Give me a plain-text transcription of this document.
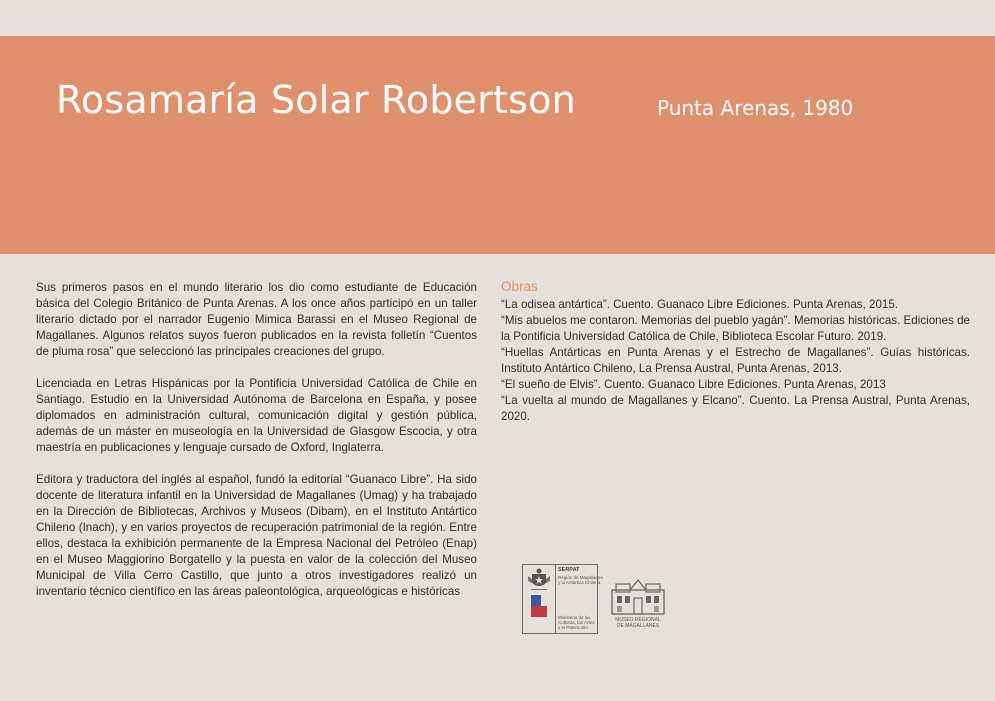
Rosamaría Solar Robertson	Punta Arenas, 1980

Sus primeros pasos en el mundo literario los dio como estudiante de Educación básica del Colegio Británico de Punta Arenas. A los once años participó en un taller literario dictado por el narrador Eugenio Mimica Barassi en el Museo Regional de Magallanes. Algunos relatos suyos fueron publicados en la revista folletín “Cuentos de pluma rosa” que seleccionó las principales creaciones del grupo.

Licenciada en Letras Hispánicas por la Pontificia Universidad Católica de Chile en Santiago. Estudio en la Universidad Autónoma de Barcelona en España, y posee diplomados en administración cultural, comunicación digital y gestión pública, además de un máster en museología en la Universidad de Glasgow Escocia, y otra maestría en publicaciones y lenguaje cursado de Oxford, Inglaterra.

Editora y traductora del inglés al español, fundó la editorial “Guanaco Libre”. Ha sido docente de literatura infantil en la Universidad de Magallanes (Umag) y ha trabajado en la Dirección de Bibliotecas, Archivos y Museos (Dibam), en el Instituto Antártico Chileno (Inach), y en varios proyectos de recuperación patrimonial de la región. Entre ellos, destaca la exhibición permanente de la Empresa Nacional del Petróleo (Enap) en el Museo Maggiorino Borgatello y la puesta en valor de la colección del Museo Municipal de Villa Cerro Castillo, que junto a otros investigadores realizó un inventario técnico científico en las áreas paleontológica, arqueológicas e históricas

Obras

“La odisea antártica”. Cuento. Guanaco Libre Ediciones. Punta Arenas, 2015.

“Mis abuelos me contaron. Memorias del pueblo yagán”. Memorias históricas. Ediciones de la Pontificia Universidad Católica de Chile, Biblioteca Escolar Futuro. 2019.

“Huellas Antárticas en Punta Arenas y el Estrecho de Magallanes”. Guías históricas. Instituto Antártico Chileno, La Prensa Austral, Punta Arenas, 2013.

“El sueño de Elvis”. Cuento. Guanaco Libre Ediciones. Punta Arenas, 2013

“La vuelta al mundo de Magallanes y Elcano”. Cuento. La Prensa Austral, Punta Arenas, 2020.

SERPAT
Región de Magallanes
y la Antártica Chilena
Ministerio de las
Culturas, las Artes
y el Patrimonio
MUSEO REGIONAL
DE MAGALLANES
